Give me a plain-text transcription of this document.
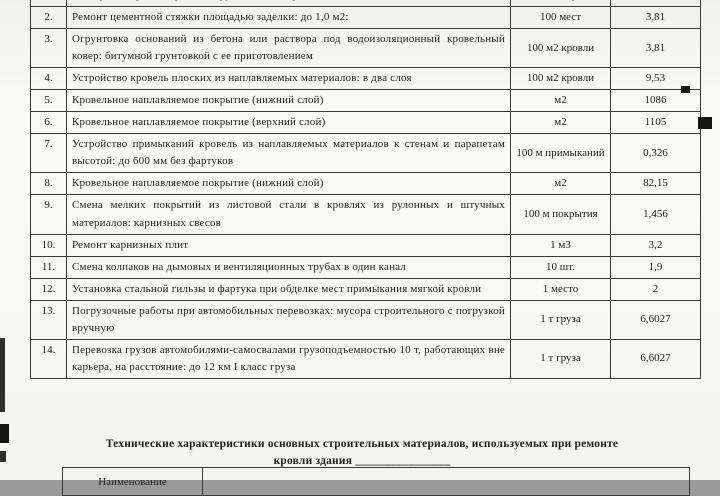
2.	Ремонт цементной стяжки площадью заделки: до 1,0 м2:	100 мест	3,81
3.	Огрунтовка оснований из бетона или раствора под водоизоляционный кровельный ковер: битумной грунтовкой с ее приготовлением	100 м2 кровли	3,81
4.	Устройство кровель плоских из наплавляемых материалов: в два слоя	100 м2 кровли	9,53
5.	Кровельное наплавляемое покрытие (нижний слой)	м2	1086
6.	Кровельное наплавляемое покрытие (верхний слой)	м2	1105
7.	Устройство примыканий кровель из наплавляемых материалов к стенам и парапетам высотой: до 600 мм без фартуков	100 м примыканий	0,326
8.	Кровельное наплавляемое покрытие (нижний слой)	м2	82,15
9.	Смена мелких покрытий из листовой стали в кровлях из рулонных и штучных материалов: карнизных свесов	100 м покрытия	1,456
10.	Ремонт карнизных плит	1 м3	3,2
11.	Смена колпаков на дымовых и вентиляционных трубах в один канал	10 шт.	1,9
12.	Установка стальной гильзы и фартука при обделке мест примыкания мягкой кровли	1 место	2
13.	Погрузочные работы при автомобильных перевозках: мусора строительного с погрузкой вручную	1 т груза	6,6027
14.	Перевозка грузов автомобилями-самосвалами грузоподъемностью 10 т, работающих вне карьера, на расстояние: до 12 км I класс груза	1 т груза	6,6027
Технические характеристики основных строительных материалов, используемых при ремонте
кровли здания ________________
Наименование	
